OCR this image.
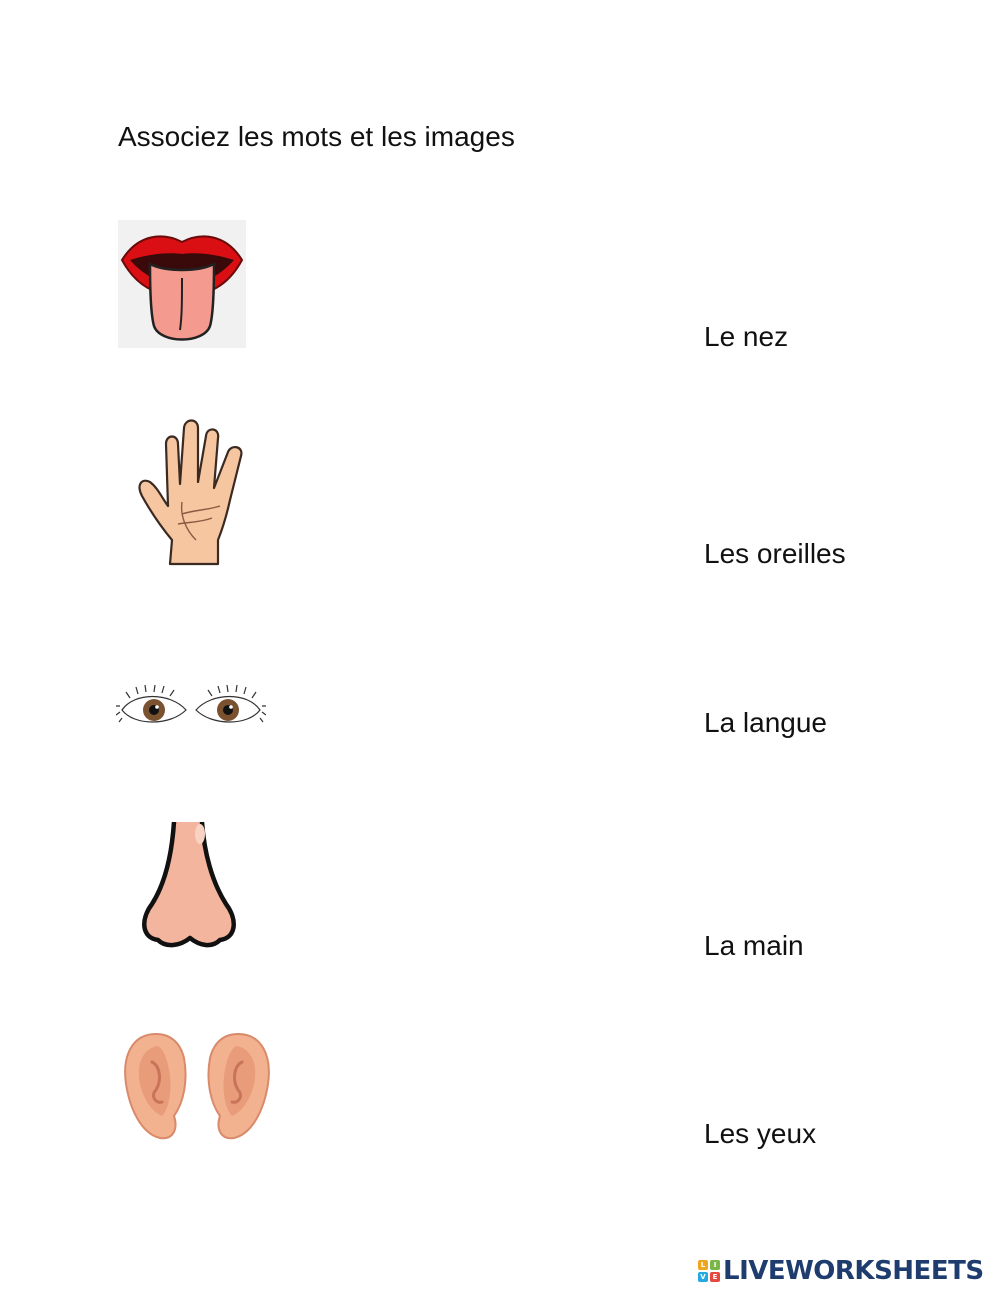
Associez les mots et les images
Le nez
Les oreilles
La langue
La main
Les yeux
L	I
V E LIVEWORKSHEETS
